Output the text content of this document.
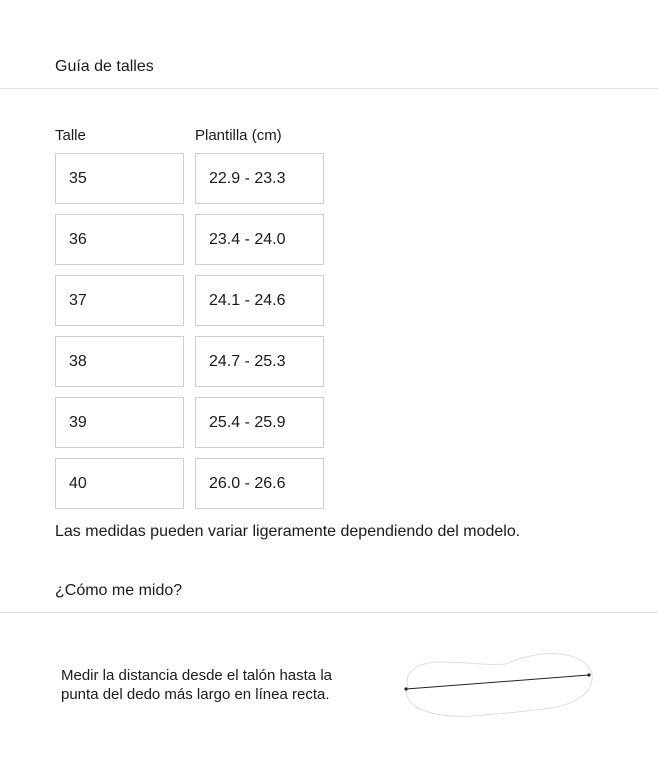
Guía de talles
Talle	Plantilla (cm)
35	22.9 - 23.3
36	23.4 - 24.0
37	24.1 - 24.6
38	24.7 - 25.3
39	25.4 - 25.9
40	26.0 - 26.6
Las medidas pueden variar ligeramente dependiendo del modelo.
¿Cómo me mido?
Medir la distancia desde el talón hasta la punta del dedo más largo en línea recta.
